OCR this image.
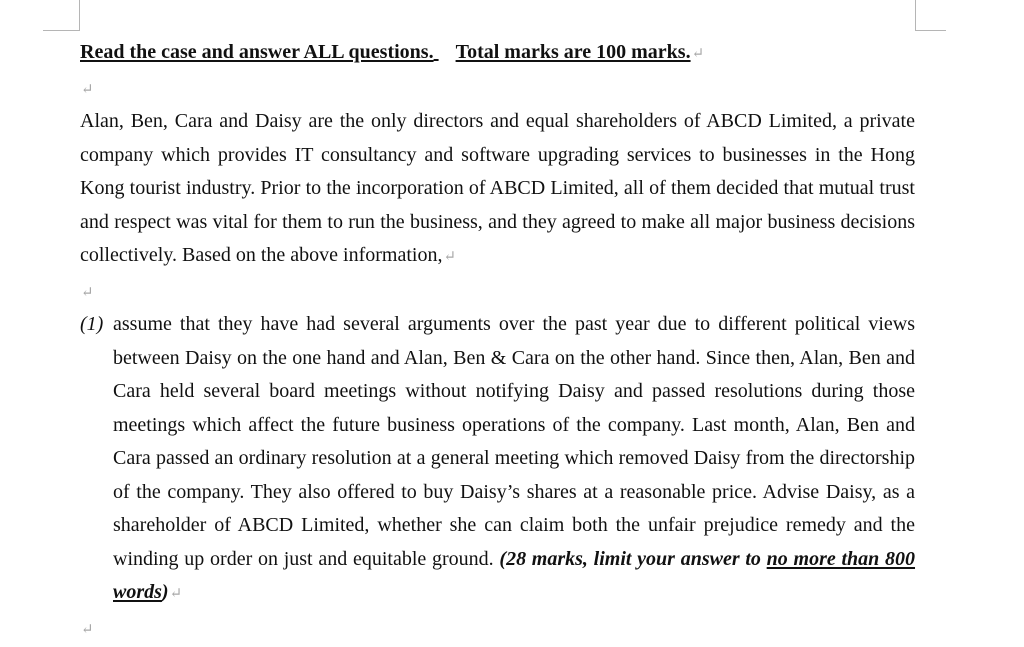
Read the case and answer ALL questions. Total marks are 100 marks.↵
↵

Alan, Ben, Cara and Daisy are the only directors and equal shareholders of ABCD Limited, a private company which provides IT consultancy and software upgrading services to businesses in the Hong Kong tourist industry. Prior to the incorporation of ABCD Limited, all of them decided that mutual trust and respect was vital for them to run the business, and they agreed to make all major business decisions collectively. Based on the above information,↵

↵
(1) assume that they have had several arguments over the past year due to different political views between Daisy on the one hand and Alan, Ben & Cara on the other hand. Since then, Alan, Ben and Cara held several board meetings without notifying Daisy and passed resolutions during those meetings which affect the future business operations of the company. Last month, Alan, Ben and Cara passed an ordinary resolution at a general meeting which removed Daisy from the directorship of the company. They also offered to buy Daisy’s shares at a reasonable price. Advise Daisy, as a shareholder of ABCD Limited, whether she can claim both the unfair prejudice remedy and the winding up order on just and equitable ground. (28 marks, limit your answer to no more than 800 words)↵
↵
